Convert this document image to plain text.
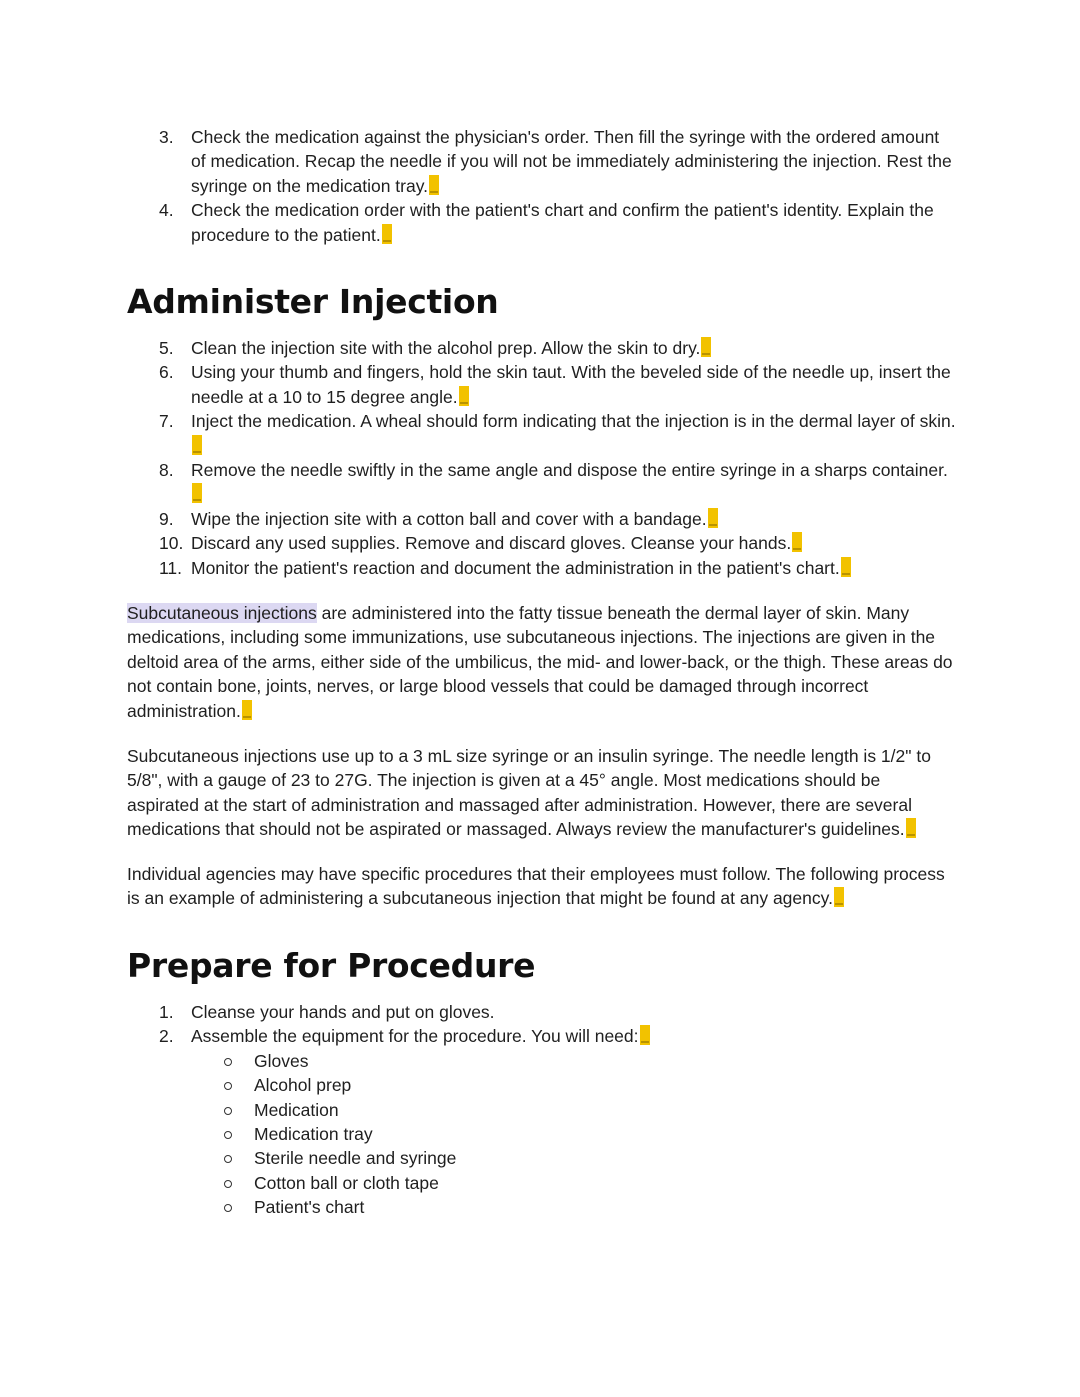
3. Check the medication against the physician's order. Then fill the syringe with the ordered amount of medication. Recap the needle if you will not be immediately administering the injection. Rest the syringe on the medication tray.
4. Check the medication order with the patient's chart and confirm the patient's identity. Explain the procedure to the patient.
Administer Injection
5. Clean the injection site with the alcohol prep. Allow the skin to dry.
6. Using your thumb and fingers, hold the skin taut. With the beveled side of the needle up, insert the needle at a 10 to 15 degree angle.
7. Inject the medication. A wheal should form indicating that the injection is in the dermal layer of skin.
8. Remove the needle swiftly in the same angle and dispose the entire syringe in a sharps container.
9. Wipe the injection site with a cotton ball and cover with a bandage.
10. Discard any used supplies. Remove and discard gloves. Cleanse your hands.
11. Monitor the patient's reaction and document the administration in the patient's chart.

Subcutaneous injections are administered into the fatty tissue beneath the dermal layer of skin. Many medications, including some immunizations, use subcutaneous injections. The injections are given in the deltoid area of the arms, either side of the umbilicus, the mid- and lower-back, or the thigh. These areas do not contain bone, joints, nerves, or large blood vessels that could be damaged through incorrect administration.

Subcutaneous injections use up to a 3 mL size syringe or an insulin syringe. The needle length is 1/2" to 5/8", with a gauge of 23 to 27G. The injection is given at a 45° angle. Most medications should be aspirated at the start of administration and massaged after administration. However, there are several medications that should not be aspirated or massaged. Always review the manufacturer's guidelines.

Individual agencies may have specific procedures that their employees must follow. The following process is an example of administering a subcutaneous injection that might be found at any agency.

Prepare for Procedure
1. Cleanse your hands and put on gloves.
2. Assemble the equipment for the procedure. You will need:
Gloves
Alcohol prep
Medication
Medication tray
Sterile needle and syringe
Cotton ball or cloth tape
Patient's chart
